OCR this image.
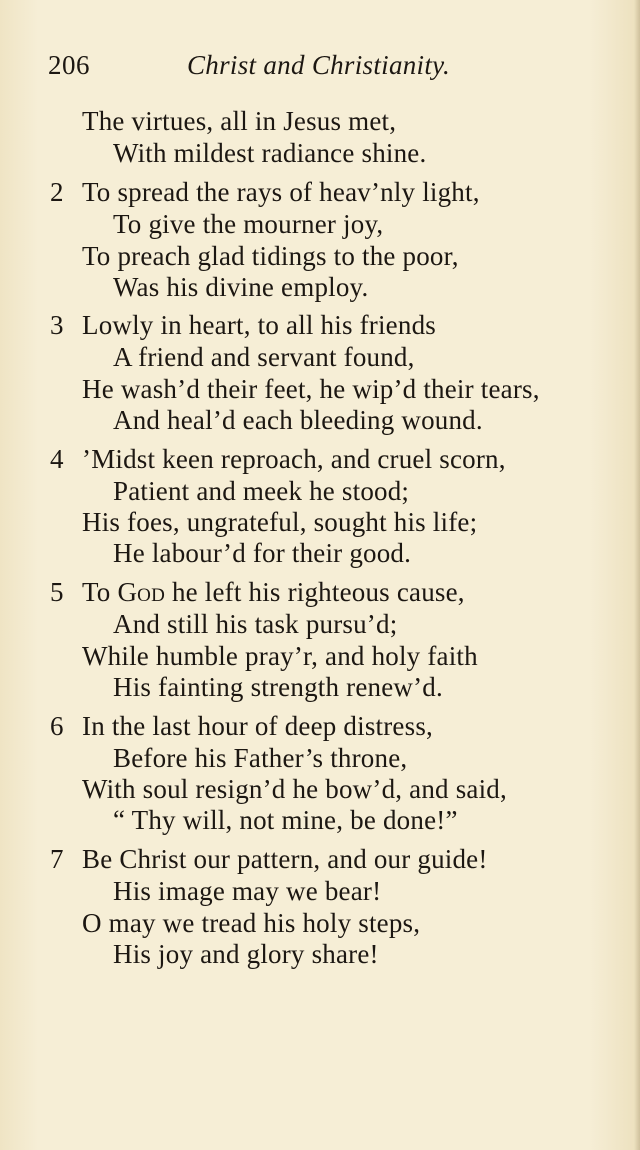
206	Christ and Christianity.
The virtues, all in Jesus met,
With mildest radiance shine.
2 To spread the rays of heav’nly light,
To give the mourner joy,
To preach glad tidings to the poor,
Was his divine employ.
3 Lowly in heart, to all his friends
A friend and servant found,
He wash’d their feet, he wip’d their tears,
And heal’d each bleeding wound.
4 ’Midst keen reproach, and cruel scorn,
Patient and meek he stood;
His foes, ungrateful, sought his life;
He labour’d for their good.
5 To God he left his righteous cause,
And still his task pursu’d;
While humble pray’r, and holy faith
His fainting strength renew’d.
6 In the last hour of deep distress,
Before his Father’s throne,
With soul resign’d he bow’d, and said,
“ Thy will, not mine, be done!”
7 Be Christ our pattern, and our guide!
His image may we bear!
O may we tread his holy steps,
His joy and glory share!
